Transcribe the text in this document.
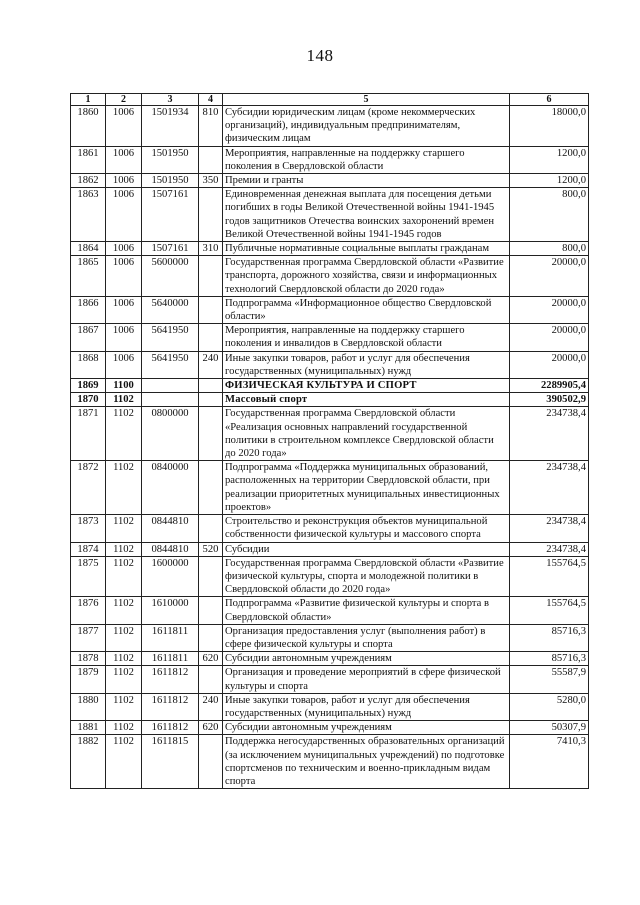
148
1	2	3	4	5	6
1860	1006	1501934	810	Субсидии юридическим лицам (кроме некоммерческих организаций), индивидуальным предпринимателям, физическим лицам	18000,0
1861	1006	1501950		Мероприятия, направленные на поддержку старшего поколения в Свердловской области	1200,0
1862	1006	1501950	350	Премии и гранты	1200,0
1863	1006	1507161		Единовременная денежная выплата для посещения детьми погибших в годы Великой Отечественной войны 1941-1945 годов защитников Отечества воинских захоронений времен Великой Отечественной войны 1941-1945 годов	800,0
1864	1006	1507161	310	Публичные нормативные социальные выплаты гражданам	800,0
1865	1006	5600000		Государственная программа Свердловской области «Развитие транспорта, дорожного хозяйства, связи и информационных технологий Свердловской области до 2020 года»	20000,0
1866	1006	5640000		Подпрограмма «Информационное общество Свердловской области»	20000,0
1867	1006	5641950		Мероприятия, направленные на поддержку старшего поколения и инвалидов в Свердловской области	20000,0
1868	1006	5641950	240	Иные закупки товаров, работ и услуг для обеспечения государственных (муниципальных) нужд	20000,0
1869	1100			ФИЗИЧЕСКАЯ КУЛЬТУРА И СПОРТ	2289905,4
1870	1102			Массовый спорт	390502,9
1871	1102	0800000		Государственная программа Свердловской области «Реализация основных направлений государственной политики в строительном комплексе Свердловской области до 2020 года»	234738,4
1872	1102	0840000		Подпрограмма «Поддержка муниципальных образований, расположенных на территории Свердловской области, при реализации приоритетных муниципальных инвестиционных проектов»	234738,4
1873	1102	0844810		Строительство и реконструкция объектов муниципальной собственности физической культуры и массового спорта	234738,4
1874	1102	0844810	520	Субсидии	234738,4
1875	1102	1600000		Государственная программа Свердловской области «Развитие физической культуры, спорта и молодежной политики в Свердловской области до 2020 года»	155764,5
1876	1102	1610000		Подпрограмма «Развитие физической культуры и спорта в Свердловской области»	155764,5
1877	1102	1611811		Организация предоставления услуг (выполнения работ) в сфере физической культуры и спорта	85716,3
1878	1102	1611811	620	Субсидии автономным учреждениям	85716,3
1879	1102	1611812		Организация и проведение мероприятий в сфере физической культуры и спорта	55587,9
1880	1102	1611812	240	Иные закупки товаров, работ и услуг для обеспечения государственных (муниципальных) нужд	5280,0
1881	1102	1611812	620	Субсидии автономным учреждениям	50307,9
1882	1102	1611815		Поддержка негосударственных образовательных организаций (за исключением муниципальных учреждений) по подготовке спортсменов по техническим и военно-прикладным видам спорта	7410,3
